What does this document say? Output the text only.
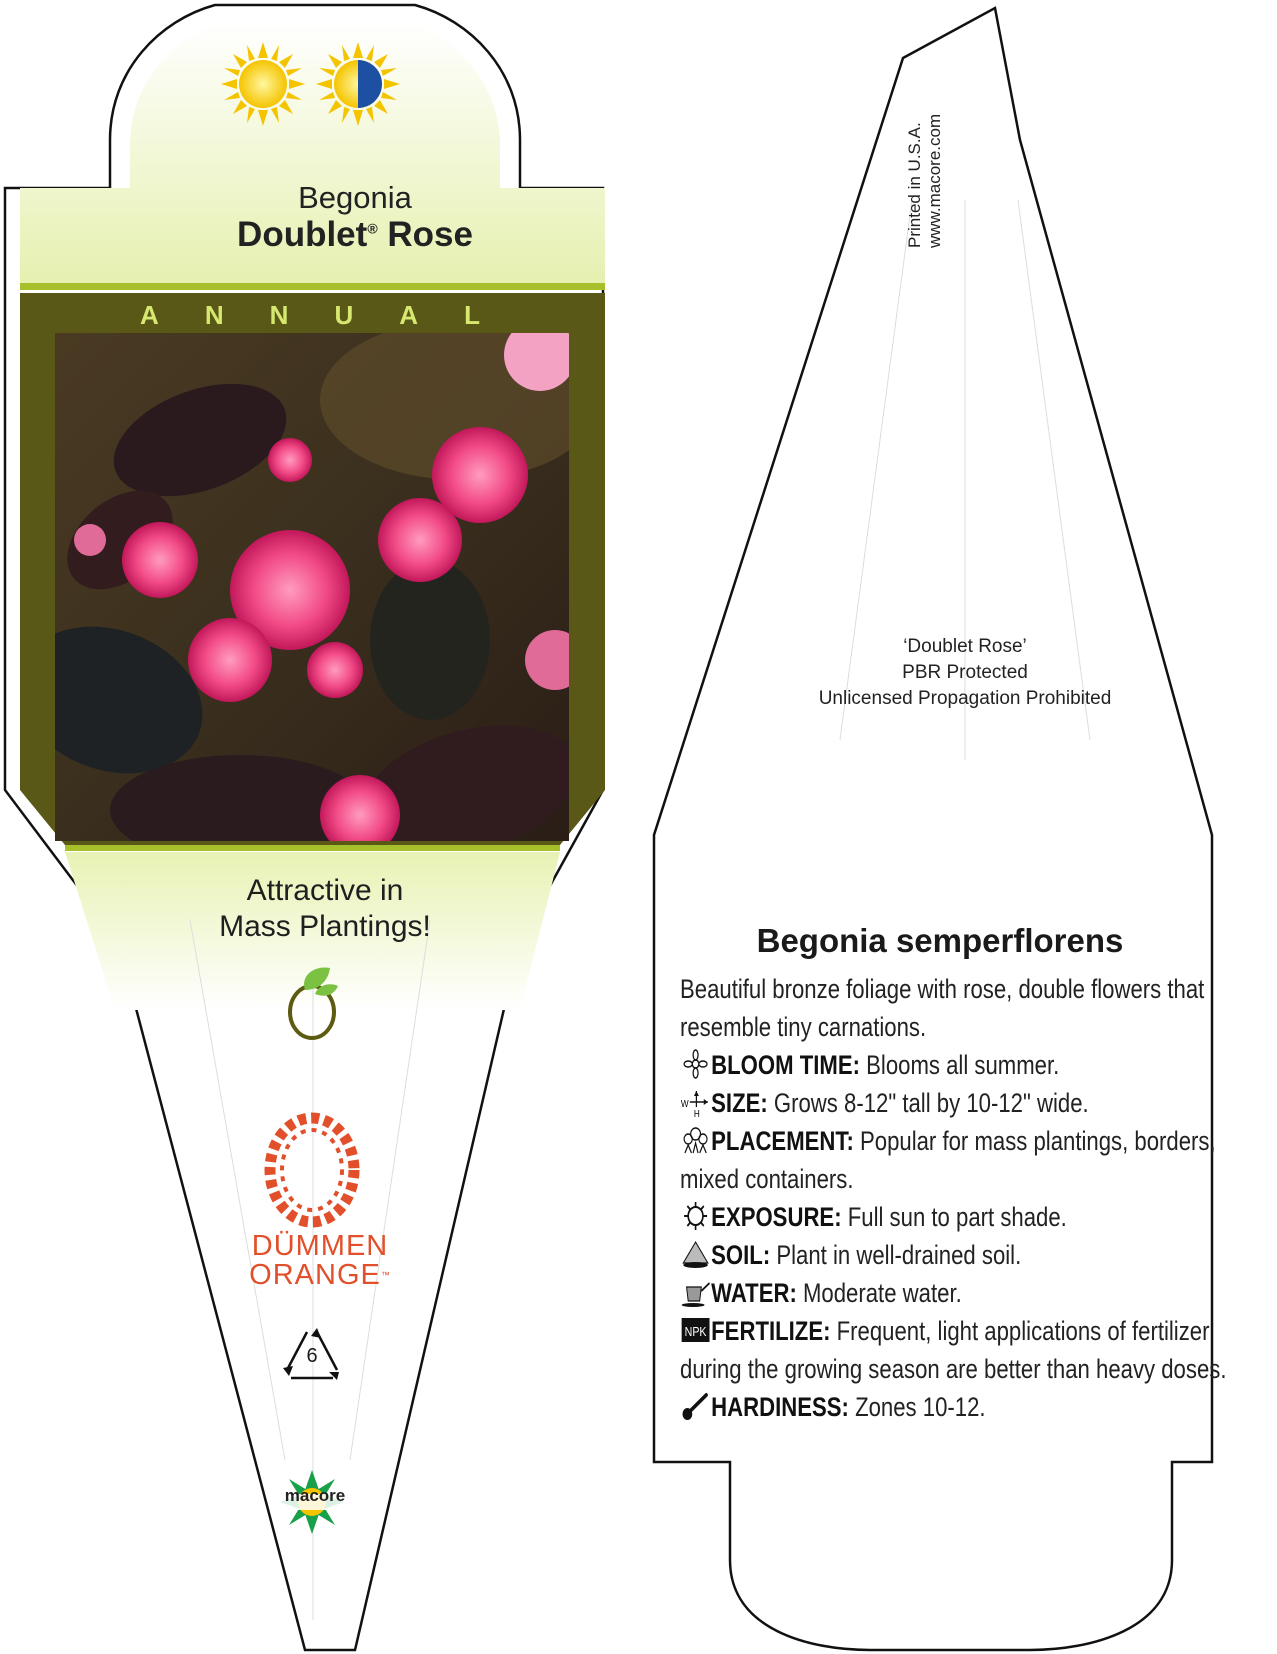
Begonia
Doublet® Rose
A N N U A L
Attractive in
Mass Plantings!
DÜMMEN
ORANGE™
6
macore
Printed in U.S.A. www.macore.com
‘Doublet Rose’
PBR Protected
Unlicensed Propagation Prohibited
Begonia semperflorens
Beautiful bronze foliage with rose, double flowers that
resemble tiny carnations.
BLOOM TIME: Blooms all summer.
W
H SIZE: Grows 8-12" tall by 10-12" wide.
PLACEMENT: Popular for mass plantings, borders,
mixed containers.
EXPOSURE: Full sun to part shade.
SOIL: Plant in well-drained soil.
WATER: Moderate water.
NPK FERTILIZE: Frequent, light applications of fertilizer
during the growing season are better than heavy doses.
HARDINESS: Zones 10-12.
